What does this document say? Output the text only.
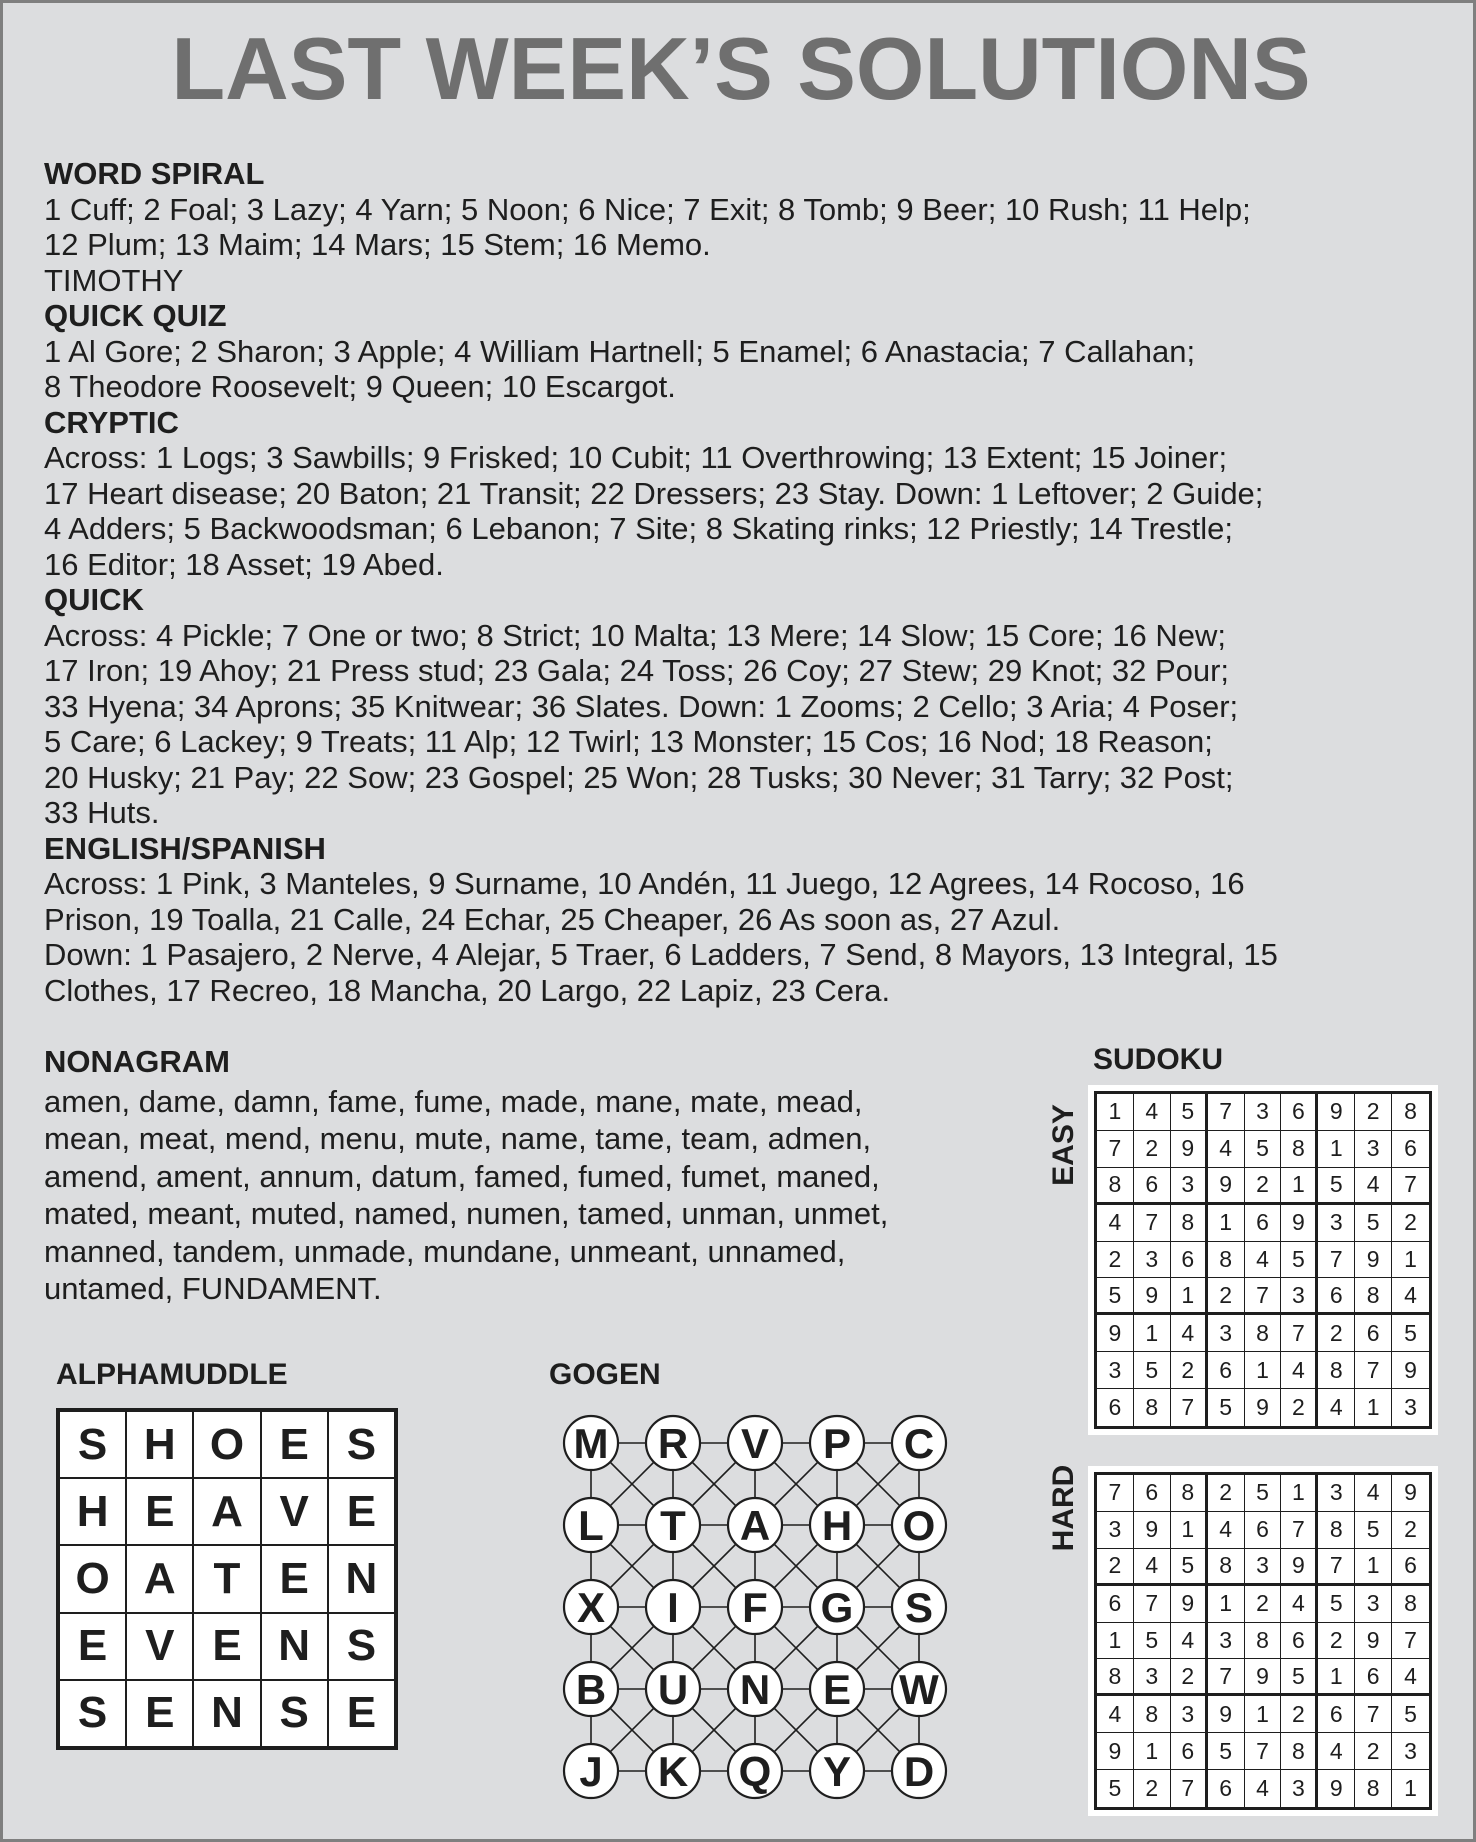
LAST WEEK’S SOLUTIONS

WORD SPIRAL

1 Cuff; 2 Foal; 3 Lazy; 4 Yarn; 5 Noon; 6 Nice; 7 Exit; 8 Tomb; 9 Beer; 10 Rush; 11 Help;
12 Plum; 13 Maim; 14 Mars; 15 Stem; 16 Memo.
TIMOTHY

QUICK QUIZ

1 Al Gore; 2 Sharon; 3 Apple; 4 William Hartnell; 5 Enamel; 6 Anastacia; 7 Callahan;
8 Theodore Roosevelt; 9 Queen; 10 Escargot.

CRYPTIC

Across: 1 Logs; 3 Sawbills; 9 Frisked; 10 Cubit; 11 Overthrowing; 13 Extent; 15 Joiner;
17 Heart disease; 20 Baton; 21 Transit; 22 Dressers; 23 Stay. Down: 1 Leftover; 2 Guide;
4 Adders; 5 Backwoodsman; 6 Lebanon; 7 Site; 8 Skating rinks; 12 Priestly; 14 Trestle;
16 Editor; 18 Asset; 19 Abed.

QUICK

Across: 4 Pickle; 7 One or two; 8 Strict; 10 Malta; 13 Mere; 14 Slow; 15 Core; 16 New;
17 Iron; 19 Ahoy; 21 Press stud; 23 Gala; 24 Toss; 26 Coy; 27 Stew; 29 Knot; 32 Pour;
33 Hyena; 34 Aprons; 35 Knitwear; 36 Slates. Down: 1 Zooms; 2 Cello; 3 Aria; 4 Poser;
5 Care; 6 Lackey; 9 Treats; 11 Alp; 12 Twirl; 13 Monster; 15 Cos; 16 Nod; 18 Reason;
20 Husky; 21 Pay; 22 Sow; 23 Gospel; 25 Won; 28 Tusks; 30 Never; 31 Tarry; 32 Post;
33 Huts.

ENGLISH/SPANISH

Across: 1 Pink, 3 Manteles, 9 Surname, 10 Andén, 11 Juego, 12 Agrees, 14 Rocoso, 16
Prison, 19 Toalla, 21 Calle, 24 Echar, 25 Cheaper, 26 As soon as, 27 Azul.
Down: 1 Pasajero, 2 Nerve, 4 Alejar, 5 Traer, 6 Ladders, 7 Send, 8 Mayors, 13 Integral, 15
Clothes, 17 Recreo, 18 Mancha, 20 Largo, 22 Lapiz, 23 Cera.

NONAGRAM

amen, dame, damn, fame, fume, made, mane, mate, mead,
mean, meat, mend, menu, mute, name, tame, team, admen,
amend, ament, annum, datum, famed, fumed, fumet, maned,
mated, meant, muted, named, numen, tamed, unman, unmet,
manned, tandem, unmade, mundane, unmeant, unnamed,
untamed, FUNDAMENT.

ALPHAMUDDLE
S H O E S
H E A V E
O A T E N
E V E N S
S E N S E
GOGEN
M R V P C
L T A H O
X I F G S
B U N E W
J K Q Y D
SUDOKU
EASY	1	4	5	7	3	6	9	2	8
7	2	9	4	5	8	1	3	6
8	6	3	9	2	1	5	4	7
4	7	8	1	6	9	3	5	2
2	3	6	8	4	5	7	9	1
5	9	1	2	7	3	6	8	4
9	1	4	3	8	7	2	6	5
3	5	2	6	1	4	8	7	9
6	8	7	5	9	2	4	1	3
HARD	7	6	8	2	5	1	3	4	9
3	9	1	4	6	7	8	5	2
2	4	5	8	3	9	7	1	6
6	7	9	1	2	4	5	3	8
1	5	4	3	8	6	2	9	7
8	3	2	7	9	5	1	6	4
4	8	3	9	1	2	6	7	5
9	1	6	5	7	8	4	2	3
5	2	7	6	4	3	9	8	1
